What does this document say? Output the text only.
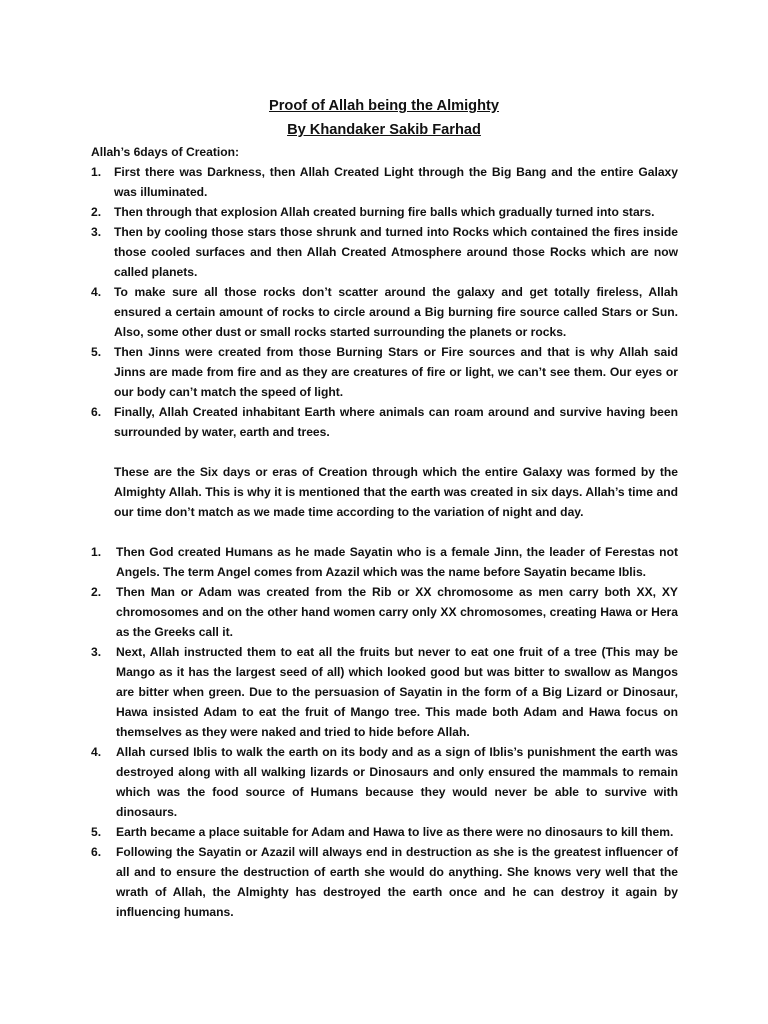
Proof of Allah being the Almighty
By Khandaker Sakib Farhad

Allah’s 6days of Creation:

1. First there was Darkness, then Allah Created Light through the Big Bang and the entire Galaxy was illuminated.
2. Then through that explosion Allah created burning fire balls which gradually turned into stars.
3. Then by cooling those stars those shrunk and turned into Rocks which contained the fires inside those cooled surfaces and then Allah Created Atmosphere around those Rocks which are now called planets.
4. To make sure all those rocks don’t scatter around the galaxy and get totally fireless, Allah ensured a certain amount of rocks to circle around a Big burning fire source called Stars or Sun. Also, some other dust or small rocks started surrounding the planets or rocks.
5. Then Jinns were created from those Burning Stars or Fire sources and that is why Allah said Jinns are made from fire and as they are creatures of fire or light, we can’t see them. Our eyes or our body can’t match the speed of light.
6. Finally, Allah Created inhabitant Earth where animals can roam around and survive having been surrounded by water, earth and trees.

These are the Six days or eras of Creation through which the entire Galaxy was formed by the Almighty Allah. This is why it is mentioned that the earth was created in six days. Allah’s time and our time don’t match as we made time according to the variation of night and day.

1. Then God created Humans as he made Sayatin who is a female Jinn, the leader of Ferestas not Angels. The term Angel comes from Azazil which was the name before Sayatin became Iblis.
2. Then Man or Adam was created from the Rib or XX chromosome as men carry both XX, XY chromosomes and on the other hand women carry only XX chromosomes, creating Hawa or Hera as the Greeks call it.
3. Next, Allah instructed them to eat all the fruits but never to eat one fruit of a tree (This may be Mango as it has the largest seed of all) which looked good but was bitter to swallow as Mangos are bitter when green. Due to the persuasion of Sayatin in the form of a Big Lizard or Dinosaur, Hawa insisted Adam to eat the fruit of Mango tree. This made both Adam and Hawa focus on themselves as they were naked and tried to hide before Allah.
4. Allah cursed Iblis to walk the earth on its body and as a sign of Iblis’s punishment the earth was destroyed along with all walking lizards or Dinosaurs and only ensured the mammals to remain which was the food source of Humans because they would never be able to survive with dinosaurs.
5. Earth became a place suitable for Adam and Hawa to live as there were no dinosaurs to kill them.
6. Following the Sayatin or Azazil will always end in destruction as she is the greatest influencer of all and to ensure the destruction of earth she would do anything. She knows very well that the wrath of Allah, the Almighty has destroyed the earth once and he can destroy it again by influencing humans.
